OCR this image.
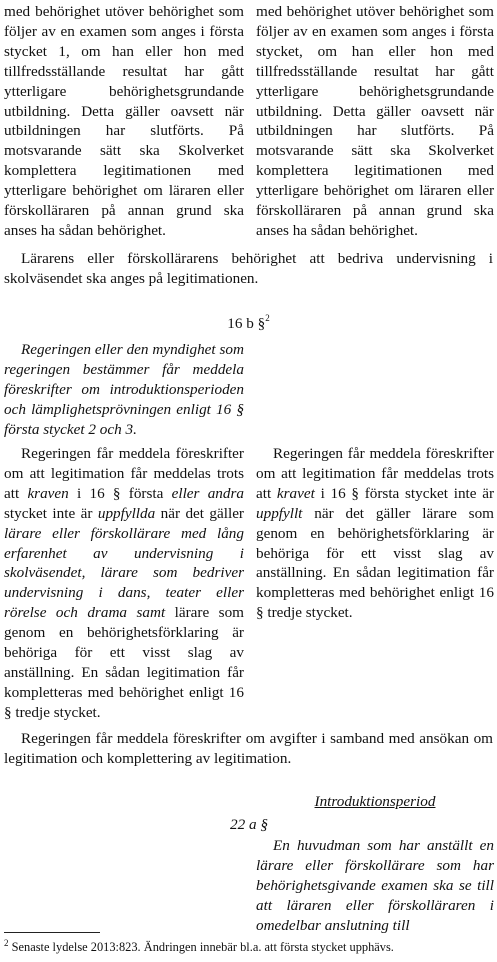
med behörighet utöver behörighet som följer av en examen som anges i första stycket 1, om han eller hon med tillfredsställande resultat har gått ytterligare behörighetsgrundande utbildning. Detta gäller oavsett när utbildningen har slutförts. På motsvarande sätt ska Skolverket komplettera legitimationen med ytterligare behörighet om läraren eller förskolläraren på annan grund ska anses ha sådan behörighet.

med behörighet utöver behörighet som följer av en examen som anges i första stycket, om han eller hon med tillfredsställande resultat har gått ytterligare behörighetsgrundande utbildning. Detta gäller oavsett när utbildningen har slutförts. På motsvarande sätt ska Skolverket komplettera legitimationen med ytterligare behörighet om läraren eller förskolläraren på annan grund ska anses ha sådan behörighet.

Lärarens eller förskollärarens behörighet att bedriva undervisning i skolväsendet ska anges på legitimationen.

16 b §$^2$

Regeringen eller den myndighet som regeringen bestämmer får meddela föreskrifter om introduktionsperioden och lämplighetsprövningen enligt 16 § första stycket 2 och 3.

Regeringen får meddela föreskrifter om att legitimation får meddelas trots att kraven i 16 § första eller andra stycket inte är uppfyllda när det gäller lärare eller förskollärare med lång erfarenhet av undervisning i skolväsendet, lärare som bedriver undervisning i dans, teater eller rörelse och drama samt lärare som genom en behörighetsförklaring är behöriga för ett visst slag av anställning. En sådan legitimation får kompletteras med behörighet enligt 16 § tredje stycket.

Regeringen får meddela föreskrifter om att legitimation får meddelas trots att kravet i 16 § första stycket inte är uppfyllt när det gäller lärare som genom en behörighetsförklaring är behöriga för ett visst slag av anställning. En sådan legitimation får kompletteras med behörighet enligt 16 § tredje stycket.

Regeringen får meddela föreskrifter om avgifter i samband med ansökan om legitimation och komplettering av legitimation.

Introduktionsperiod
22 a §

En huvudman som har anställt en lärare eller förskollärare som har behörighetsgivande examen ska se till att läraren eller förskolläraren i omedelbar anslutning till

$^2$ Senaste lydelse 2013:823. Ändringen innebär bl.a. att första stycket upphävs.
